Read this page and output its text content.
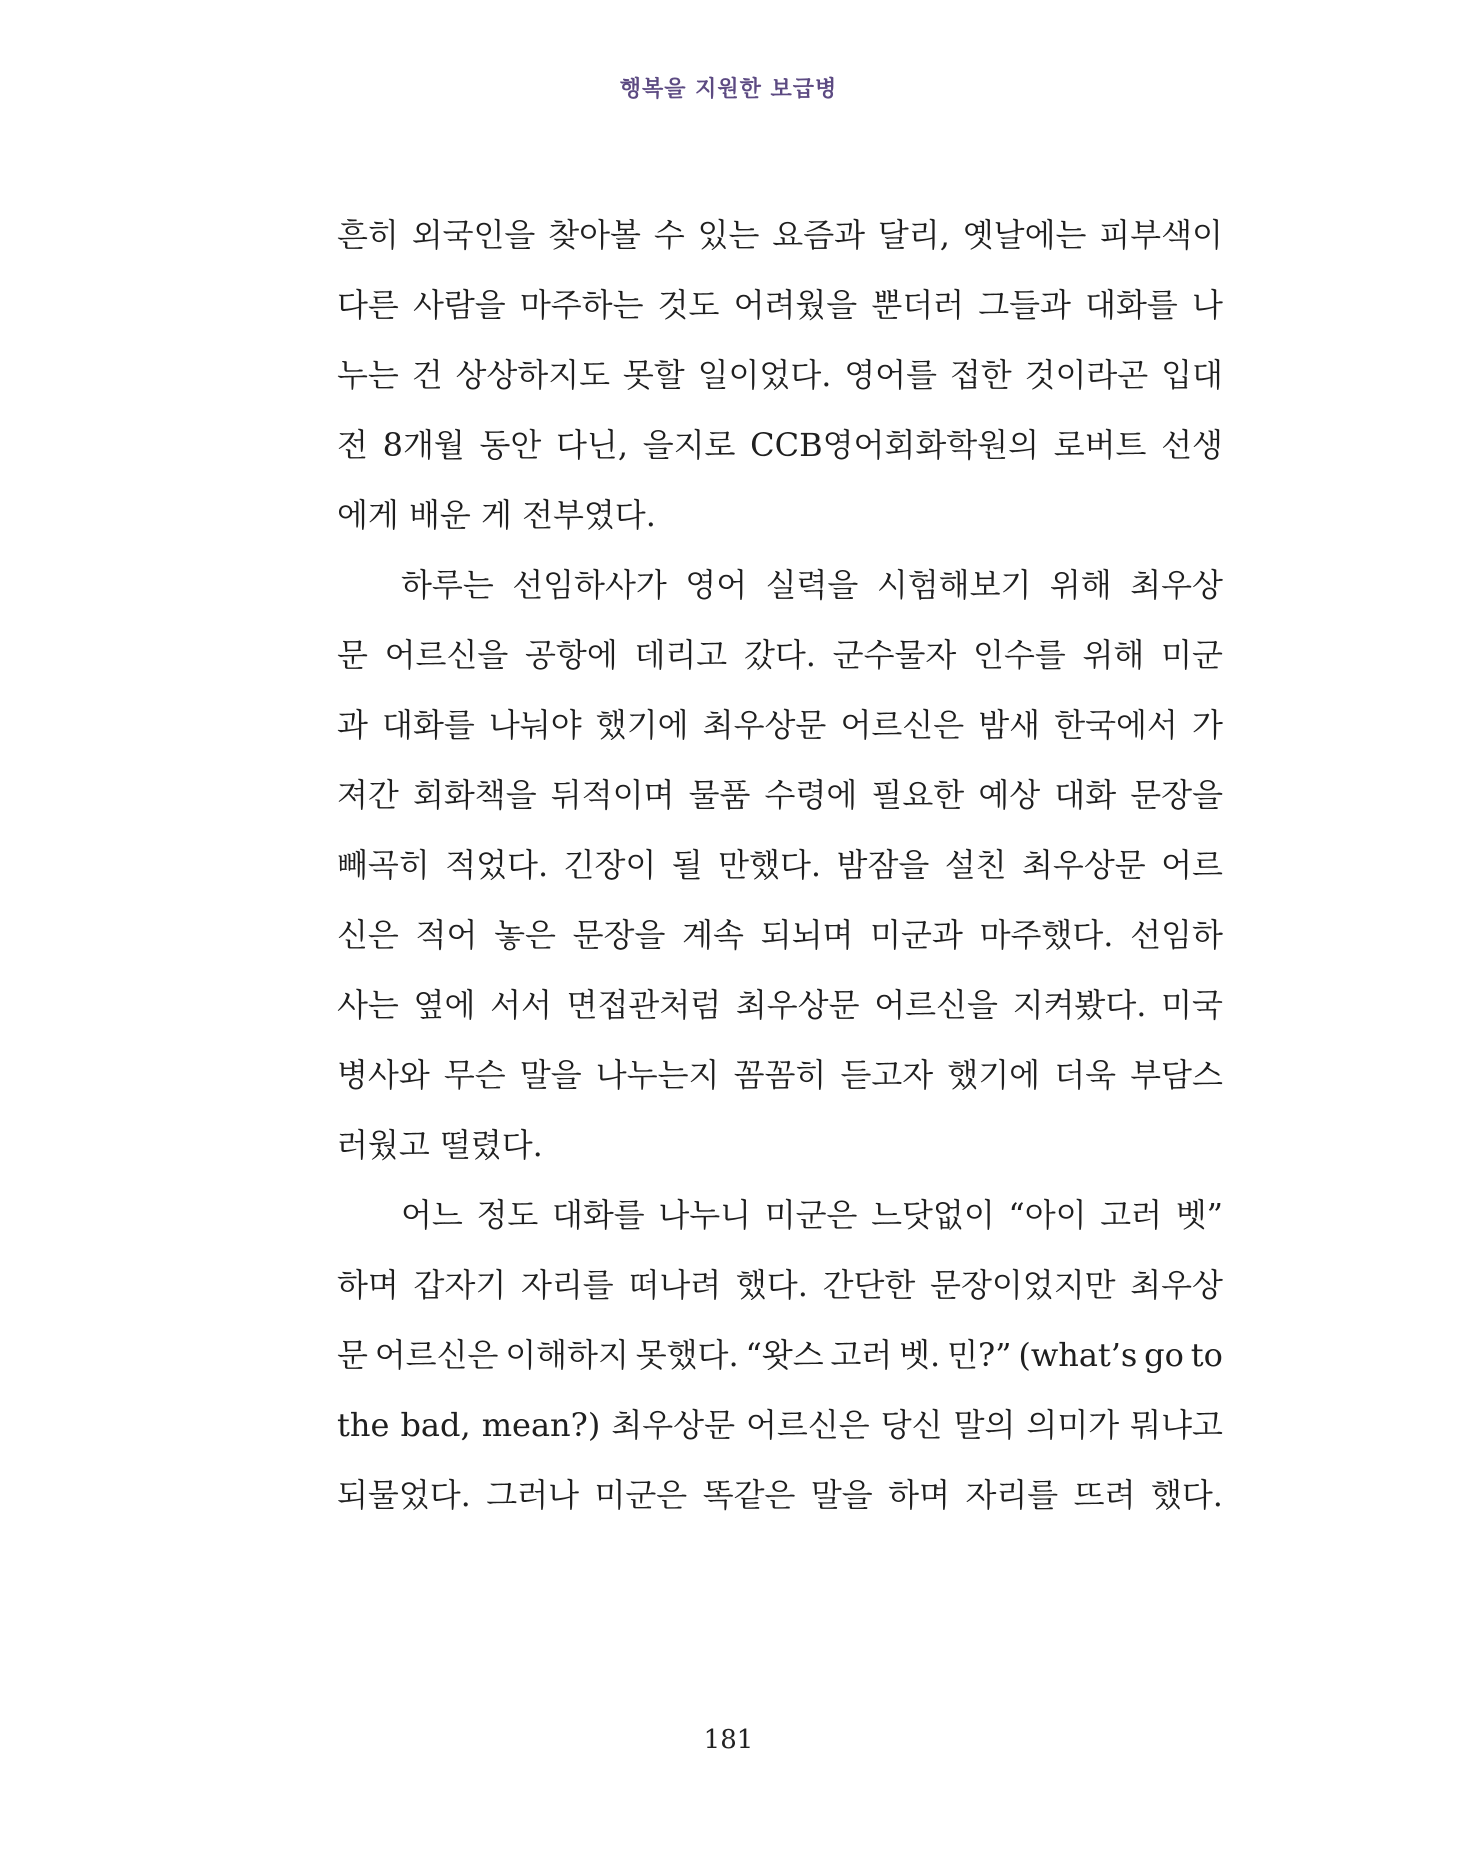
행복을 지원한 보급병
흔히 외국인을 찾아볼 수 있는 요즘과 달리, 옛날에는 피부색이
다른 사람을 마주하는 것도 어려웠을 뿐더러 그들과 대화를 나
누는 건 상상하지도 못할 일이었다. 영어를 접한 것이라곤 입대
전 8개월 동안 다닌, 을지로 CCB영어회화학원의 로버트 선생
에게 배운 게 전부였다.
하루는 선임하사가 영어 실력을 시험해보기 위해 최우상
문 어르신을 공항에 데리고 갔다. 군수물자 인수를 위해 미군
과 대화를 나눠야 했기에 최우상문 어르신은 밤새 한국에서 가
져간 회화책을 뒤적이며 물품 수령에 필요한 예상 대화 문장을
빼곡히 적었다. 긴장이 될 만했다. 밤잠을 설친 최우상문 어르
신은 적어 놓은 문장을 계속 되뇌며 미군과 마주했다. 선임하
사는 옆에 서서 면접관처럼 최우상문 어르신을 지켜봤다. 미국
병사와 무슨 말을 나누는지 꼼꼼히 듣고자 했기에 더욱 부담스
러웠고 떨렸다.
어느 정도 대화를 나누니 미군은 느닷없이 “아이 고러 벳”
하며 갑자기 자리를 떠나려 했다. 간단한 문장이었지만 최우상
문 어르신은 이해하지 못했다. “왓스 고러 벳. 민?” (what’s go to
the bad, mean?) 최우상문 어르신은 당신 말의 의미가 뭐냐고
되물었다. 그러나 미군은 똑같은 말을 하며 자리를 뜨려 했다.
181
